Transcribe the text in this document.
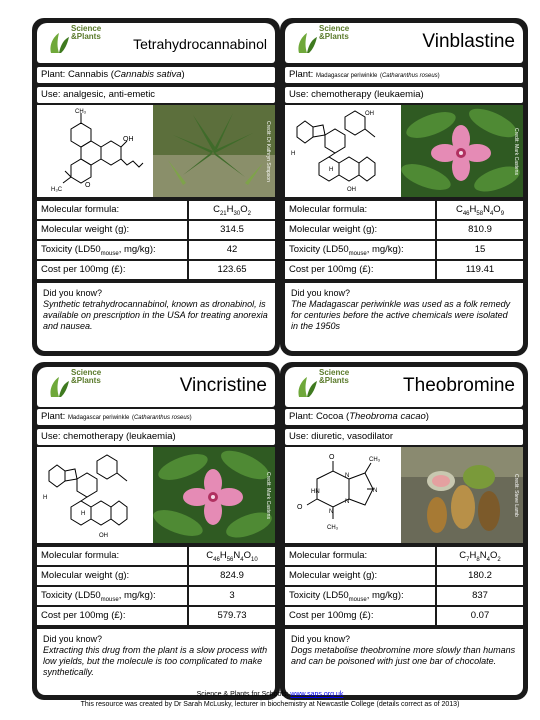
Science
&Plants Tetrahydrocannabinol
Plant: Cannabis (Cannabis sativa)
Use: analgesic, anti-emetic
OH
O
H₃C
CH₃
Credit: Dr Kathryn Simpson
Molecular formula:	$C_{21}H_{30}O_2$
Molecular weight (g):	314.5
Toxicity ($LD50_{mouse}$, mg/kg):	42
Cost per 100mg (£):	123.65
Did you know?
Synthetic tetrahydrocannabinol, known as dronabinol, is available on prescription in the USA for treating anorexia and nausea.
Science
&Plants	Vinblastine
Plant: Madagascar periwinkle (Catharanthus roseus)
Use: chemotherapy (leukaemia)
H
OH
OH
H	Credit: Mark Castens
Molecular formula:	$C_{46}H_{58}N_4O_9$
Molecular weight (g):	810.9
Toxicity ($LD50_{mouse}$, mg/kg):	15
Cost per 100mg (£):	119.41
Did you know?
The Madagascar periwinkle was used as a folk remedy for centuries before the active chemicals were isolated in the 1950s
Science
&Plants	Vincristine
Plant: Madagascar periwinkle (Catharanthus roseus)
Use: chemotherapy (leukaemia)
H
OH
H	Credit: Mark Castens
Molecular formula:	$C_{46}H_{56}N_4O_{10}$
Molecular weight (g):	824.9
Toxicity ($LD50_{mouse}$, mg/kg):	3
Cost per 100mg (£):	579.73
Did you know?
Extracting this drug from the plant is a slow process with low yields, but the molecule is too complicated to make synthetically.
Science
&Plants	Theobromine
Plant: Cocoa (Theobroma cacao)
Use: diuretic, vasodilator
O
O
HN
N
CH₃
N
N
N
CH₃
Credit: Steve Lamb
Molecular formula:	$C_7H_8N_4O_2$
Molecular weight (g):	180.2
Toxicity ($LD50_{mouse}$, mg/kg):	837
Cost per 100mg (£):	0.07
Did you know?
Dogs metabolise theobromine more slowly than humans and can be poisoned with just one bar of chocolate.
Science & Plants for Schools: www.saps.org.uk
This resource was created by Dr Sarah McLusky, lecturer in biochemistry at Newcastle College (details correct as of 2013)
